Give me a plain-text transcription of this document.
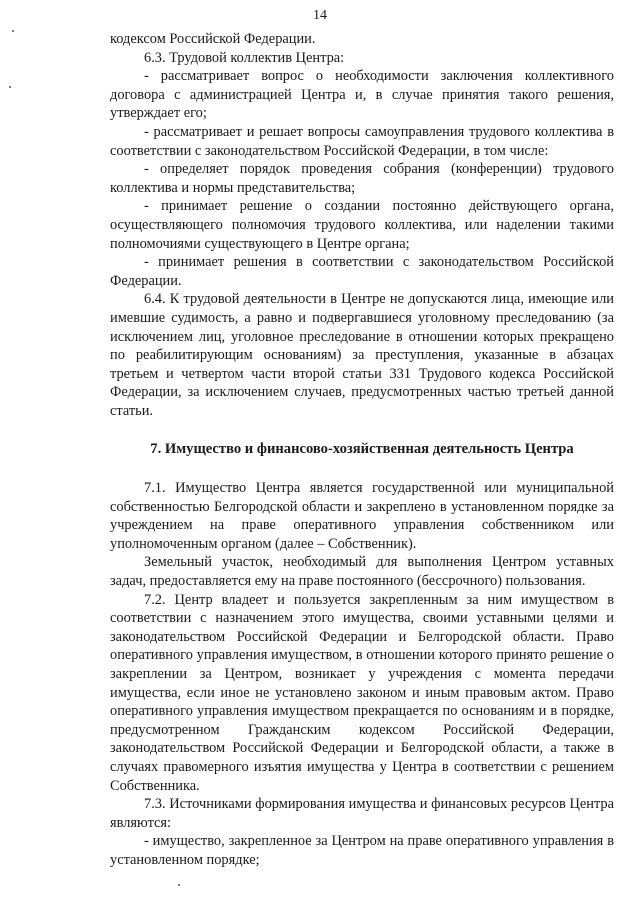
14

кодексом Российской Федерации.

6.3. Трудовой коллектив Центра:

- рассматривает вопрос о необходимости заключения коллективного договора с администрацией Центра и, в случае принятия такого решения, утверждает его;

- рассматривает и решает вопросы самоуправления трудового коллектива в соответствии с законодательством Российской Федерации, в том числе:

- определяет порядок проведения собрания (конференции) трудового коллектива и нормы представительства;

- принимает решение о создании постоянно действующего органа, осуществляющего полномочия трудового коллектива, или наделении такими полномочиями существующего в Центре органа;

- принимает решения в соответствии с законодательством Российской Федерации.

6.4. К трудовой деятельности в Центре не допускаются лица, имеющие или имевшие судимость, а равно и подвергавшиеся уголовному преследованию (за исключением лиц, уголовное преследование в отношении которых прекращено по реабилитирующим основаниям) за преступления, указанные в абзацах третьем и четвертом части второй статьи 331 Трудового кодекса Российской Федерации, за исключением случаев, предусмотренных частью третьей данной статьи.

7. Имущество и финансово-хозяйственная деятельность Центра

7.1. Имущество Центра является государственной или муниципальной собственностью Белгородской области и закреплено в установленном порядке за учреждением на праве оперативного управления собственником или уполномоченным органом (далее – Собственник).

Земельный участок, необходимый для выполнения Центром уставных задач, предоставляется ему на праве постоянного (бессрочного) пользования.

7.2. Центр владеет и пользуется закрепленным за ним имуществом в соответствии с назначением этого имущества, своими уставными целями и законодательством Российской Федерации и Белгородской области. Право оперативного управления имуществом, в отношении которого принято решение о закреплении за Центром, возникает у учреждения с момента передачи имущества, если иное не установлено законом и иным правовым актом. Право оперативного управления имуществом прекращается по основаниям и в порядке, предусмотренном Гражданским кодексом Российской Федерации, законодательством Российской Федерации и Белгородской области, а также в случаях правомерного изъятия имущества у Центра в соответствии с решением Собственника.

7.3. Источниками формирования имущества и финансовых ресурсов Центра являются:

- имущество, закрепленное за Центром на праве оперативного управления в установленном порядке;
